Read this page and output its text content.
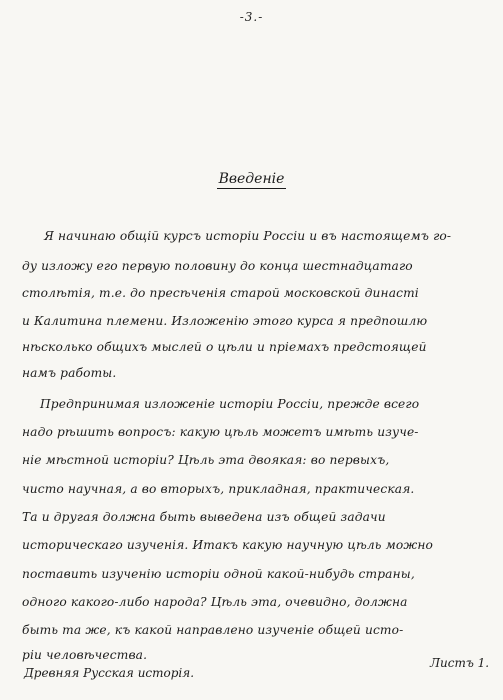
-3.-
Введеніе
Я начинаю общій курсъ исторіи Россіи и въ настоящемъ го-
ду изложу его первую половину до конца шестнадцатаго
столѣтія, т.е. до пресѣченія старой московской династі
и Калитина племени. Изложенію этого курса я предпошлю
нѣсколько общихъ мыслей о цѣли и пріемахъ предстоящей
намъ работы.
Предпринимая изложеніе исторіи Россіи, прежде всего
надо рѣшить вопросъ: какую цѣль можетъ имѣть изуче-
ніе мѣстной исторіи? Цѣль эта двоякая: во первыхъ,
чисто научная, а во вторыхъ, прикладная, практическая.
Та и другая должна быть выведена изъ общей задачи
историческаго изученія. Итакъ какую научную цѣль можно
поставить изученію исторіи одной какой-нибудь страны,
одного какого-либо народа? Цѣль эта, очевидно, должна
быть та же, къ какой направлено изученіе общей исто-
ріи человѣчества.
Древняя Русская исторія.
Листъ 1.
